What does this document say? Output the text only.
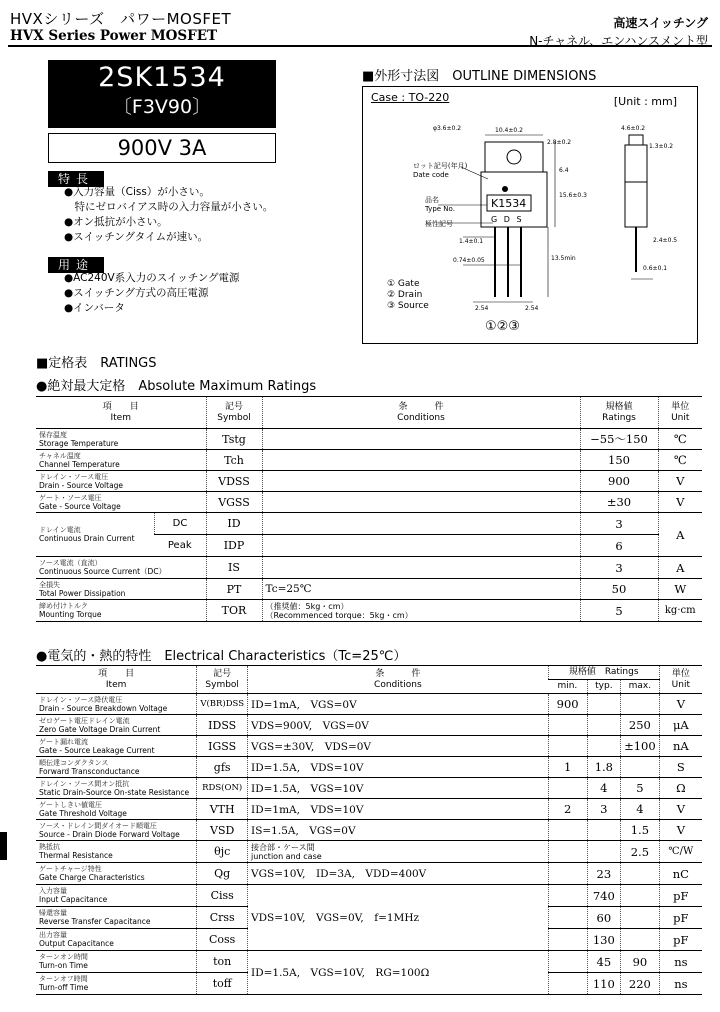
HVXシリーズ　パワーMOSFET
HVX Series Power MOSFET
高速スイッチング
N-チャネル、エンハンスメント型
2SK1534
〔F3V90〕
900V 3A
特長
●入力容量（Ciss）が小さい。
　特にゼロバイアス時の入力容量が小さい。
●オン抵抗が小さい。
●スイッチングタイムが速い。
用途
●AC240V系入力のスイッチング電源
●スイッチング方式の高圧電源
●インバータ
■外形寸法図　OUTLINE DIMENSIONS
Case : TO-220	[Unit : mm]
φ3.6±0.2	10.4±0.2
2.8±0.2
4.6±0.2
1.3±0.2
6.4
15.6±0.3
13.5min
1.4±0.1
0.74±0.05
2.4±0.5
0.6±0.1
2.54	2.54
ロット記号(年月)
Date code
品名
Type No.
極性記号
K1534
G D S
① Gate
② Drain
③ Source
①②③
■定格表　RATINGS
●絶対最大定格　Absolute Maximum Ratings
項　　目
Item		記号
Symbol	条　　　件
Conditions	規格値
Ratings	単位
Unit

保存温度
Storage Temperature		Tstg		−55〜150	℃

チャネル温度
Channel Temperature		Tch		150	℃

ドレイン・ソース電圧
Drain - Source Voltage		VDSS		900	V

ゲート・ソース電圧
Gate - Source Voltage		VGSS		±30	V

ドレイン電流
Continuous Drain Current	DC	ID		3	A
	Peak	IDP		6	

ソース電流（直流）
Continuous Source Current（DC）		IS		3	A

全損失
Total Power Dissipation		PT	Tc=25℃	50	W

締め付けトルク
Mounting Torque		TOR	（推奨値：5kg・cm）
（Recommenced torque：5kg・cm）	5	kg·cm
●電気的・熱的特性　Electrical Characteristics（Tc=25℃）
項　　目
Item	記号
Symbol	条　　　件
Conditions	規格値　Ratings			単位
Unit
			min.	typ.	max.	

ドレイン・ソース降伏電圧
Drain - Source Breakdown Voltage	V(BR)DSS	ID=1mA,　VGS=0V	900			V

ゼロゲート電圧ドレイン電流
Zero Gate Voltage Drain Current	IDSS	VDS=900V,　VGS=0V			250	μA

ゲート漏れ電流
Gate - Source Leakage Current	IGSS	VGS=±30V,　VDS=0V			±100	nA

順伝達コンダクタンス
Forward Transconductance	gfs	ID=1.5A,　VDS=10V	1	1.8		S

ドレイン・ソース間オン抵抗
Static Drain-Source On-state Resistance	RDS(ON)	ID=1.5A,　VGS=10V		4	5	Ω

ゲートしきい値電圧
Gate Threshold Voltage	VTH	ID=1mA,　VDS=10V	2	3	4	V

ソース・ドレイン間ダイオード順電圧
Source - Drain Diode Forward Voltage	VSD	IS=1.5A,　VGS=0V			1.5	V

熱抵抗
Thermal Resistance	θjc	接合部・ケース間
junction and case			2.5	℃/W

ゲートチャージ特性
Gate Charge Characteristics	Qg	VGS=10V,　ID=3A,　VDD=400V		23		nC

入力容量
Input Capacitance	Ciss	VDS=10V,　VGS=0V,　f=1MHz		740		pF

帰還容量
Reverse Transfer Capacitance	Crss			60		pF

出力容量
Output Capacitance	Coss			130		pF

ターンオン時間
Turn-on Time	ton	ID=1.5A,　VGS=10V,　RG=100Ω		45	90	ns

ターンオフ時間
Turn-off Time	toff			110	220	ns
